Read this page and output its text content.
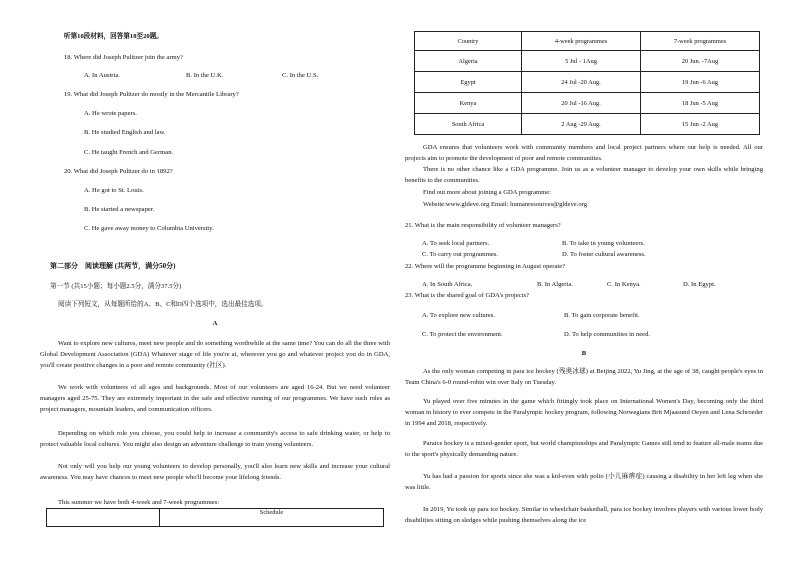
听第10段材料，回答第18至20题。
18. Where did Joseph Pulitzer join the army?
A. In Austria.	B. In the U.K.	C. In the U.S.
19. What did Joseph Pulitzer do mostly in the Mercantile Library?
A. He wrote papers.
B. He studied English and law.
C. He taught French and German.
20. What did Joseph Pulitzer do in 1892?
A. He got to St. Louis.
B. He started a newspaper.
C. He gave away money to Columbia University.
第二部分　阅读理解 (共两节，满分50分)
第一节 (共15小题；每小题2.5分，满分37.5分)
阅读下列短文，从每题所给的A、B、C和D四个选项中，选出最佳选项。
A
Want to explore new cultures, meet new people and do something worthwhile at the same time? You can do all the three with Global Development Association (GDA) Whatever stage of life you're at, wherever you go and whatever project you do in GDA, you'll create positive changes in a poor and remote community (社区).
We work with volunteers of all ages and backgrounds. Most of our volunteers are aged 16-24. But we need volunteer managers aged 25-75. They are extremely important in the safe and effective running of our programmes. We have such roles as project managers, mountain leaders, and communication officers.
Depending on which role you choose, you could help to increase a community's access to safe drinking water, or help to protect valuable local cultures. You might also design an adventure challenge to train young volunteers.
Not only will you help our young volunteers to develop personally, you'll also learn new skills and increase your cultural awareness. You may have chances to meet new people who'll become your lifelong friends.
This summer we have both 4-week and 7-week programmes:
	Schedule
Country	4-week programmes	7-week programmes
Algeria	5 Jul - 1Aug	20 Jun. -7Aug
Egypt	24 Jul -20 Aug.	19 Jun -6 Aug
Kenya	20 Jul -16 Aug.	18 Jun -5 Aug
South Africa	2 Aug -29 Aug.	15 Jun -2 Aug
GDA ensures that volunteers work with community members and local project partners where our help is needed. All our projects aim to promote the development of poor and remote communities.
There is no other chance like a GDA programme. Join us as a volunteer manager to develop your own skills while bringing benefits to the communities.
Find out more about joining a GDA programme:
Website:www.gldeve.org Email: humanresources@gldeve.org
21. What is the main responsibility of volunteer managers?
A. To seek local partners.	B. To take in young volunteers.
C. To carry out programmes.	D. To foster cultural awareness.
22. Where will the programme beginning in August operate?
A. In South Africa.	B. In Algeria.	C. In Kenya.	D. In Egypt.
23. What is the shared goal of GDA's projects?
A. To explore new cultures.	B. To gain corporate benefit.
C. To protect the environment.	D. To help communities in need.
B
As the only woman competing in para ice hockey (残奥冰球) at Beijing 2022, Yu Jing, at the age of 38, caught people's eyes in Team China's 6-0 round-robin win over Italy on Tuesday.
Yu played over five minutes in the game which fittingly took place on International Women's Day, becoming only the third woman in history to ever compete in the Paralympic hockey program, following Norwegians Brit Mjaasund Oeyen and Lena Schroeder in 1994 and 2018, respectively.
Paraice hockey is a mixed-gender sport, but world championships and Paralympic Games still tend to feature all-male teams due to the sport's physically demanding nature.
Yu has had a passion for sports since she was a kid-even with polio (小儿麻痹症) causing a disability in her left leg when she was little.
In 2019, Yu took up para ice hockey. Similar to wheelchair basketball, para ice hockey involves players with various lower body disabilities sitting on sledges while pushing themselves along the ice
